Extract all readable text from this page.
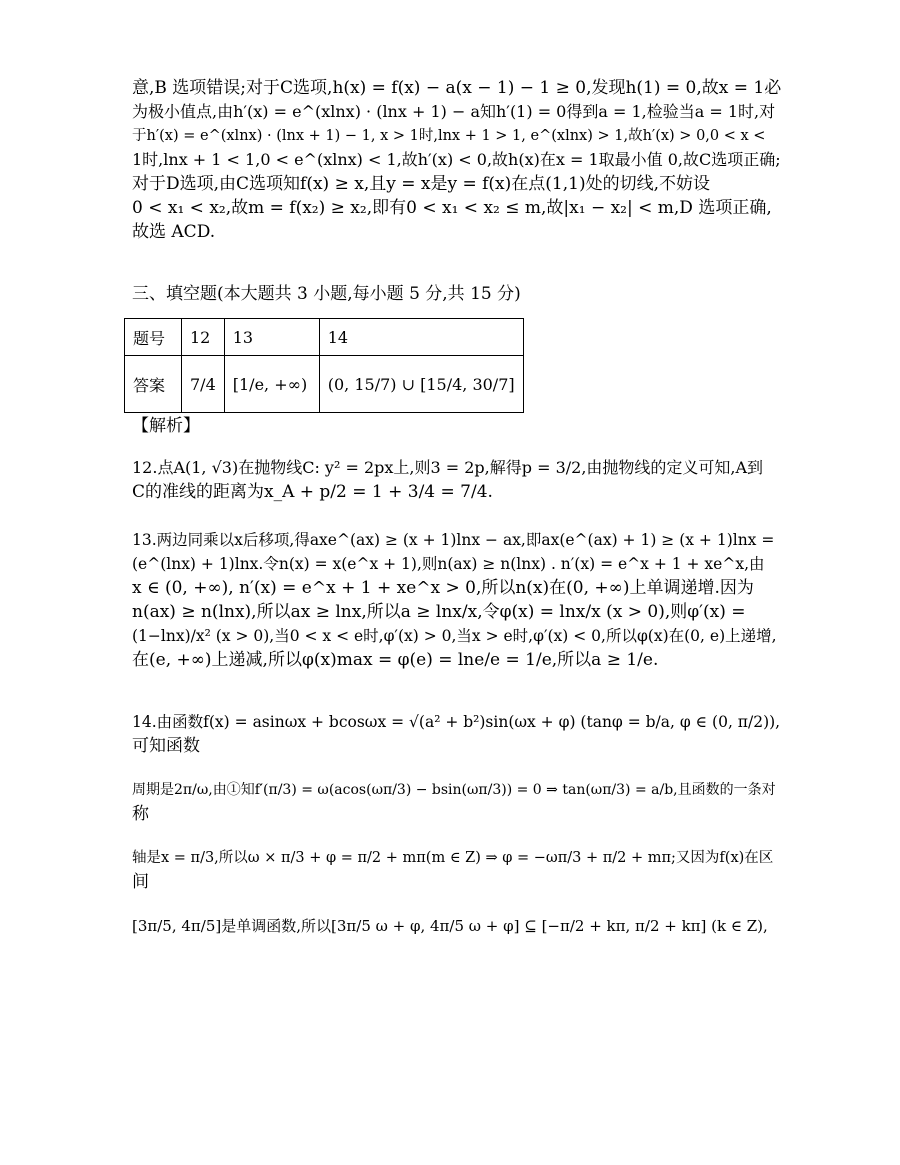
意,B 选项错误;对于C选项,h(x) = f(x) − a(x − 1) − 1 ≥ 0,发现h(1) = 0,故x = 1必
为极小值点,由h′(x) = e^(xlnx) · (lnx + 1) − a知h′(1) = 0得到a = 1,检验当a = 1时,对
于h′(x) = e^(xlnx) · (lnx + 1) − 1, x > 1时,lnx + 1 > 1, e^(xlnx) > 1,故h′(x) > 0,0 < x <
1时,lnx + 1 < 1,0 < e^(xlnx) < 1,故h′(x) < 0,故h(x)在x = 1取最小值 0,故C选项正确;
对于D选项,由C选项知f(x) ≥ x,且y = x是y = f(x)在点(1,1)处的切线,不妨设
0 < x₁ < x₂,故m = f(x₂) ≥ x₂,即有0 < x₁ < x₂ ≤ m,故|x₁ − x₂| < m,D 选项正确,
故选 ACD.
三、填空题(本大题共 3 小题,每小题 5 分,共 15 分)
题号	12	13	14
答案	7/4	[1/e, +∞)	(0, 15/7) ∪ [15/4, 30/7]
【解析】
12.点A(1, √3)在抛物线C: y² = 2px上,则3 = 2p,解得p = 3/2,由抛物线的定义可知,A到
C的准线的距离为x_A + p/2 = 1 + 3/4 = 7/4.
13.两边同乘以x后移项,得axe^(ax) ≥ (x + 1)lnx − ax,即ax(e^(ax) + 1) ≥ (x + 1)lnx =
(e^(lnx) + 1)lnx.令n(x) = x(e^x + 1),则n(ax) ≥ n(lnx) . n′(x) = e^x + 1 + xe^x,由
x ∈ (0, +∞), n′(x) = e^x + 1 + xe^x > 0,所以n(x)在(0, +∞)上单调递增.因为
n(ax) ≥ n(lnx),所以ax ≥ lnx,所以a ≥ lnx/x,令φ(x) = lnx/x (x > 0),则φ′(x) =
(1−lnx)/x² (x > 0),当0 < x < e时,φ′(x) > 0,当x > e时,φ′(x) < 0,所以φ(x)在(0, e)上递增,
在(e, +∞)上递减,所以φ(x)max = φ(e) = lne/e = 1/e,所以a ≥ 1/e.
14.由函数f(x) = asinωx + bcosωx = √(a² + b²)sin(ωx + φ) (tanφ = b/a, φ ∈ (0, π/2)),
可知函数
周期是2π/ω,由①知f′(π/3) = ω(acos(ωπ/3) − bsin(ωπ/3)) = 0 ⇒ tan(ωπ/3) = a/b,且函数的一条对
称
轴是x = π/3,所以ω × π/3 + φ = π/2 + mπ(m ∈ Z) ⇒ φ = −ωπ/3 + π/2 + mπ;又因为f(x)在区
间
[3π/5, 4π/5]是单调函数,所以[3π/5 ω + φ, 4π/5 ω + φ] ⊆ [−π/2 + kπ, π/2 + kπ] (k ∈ Z),
